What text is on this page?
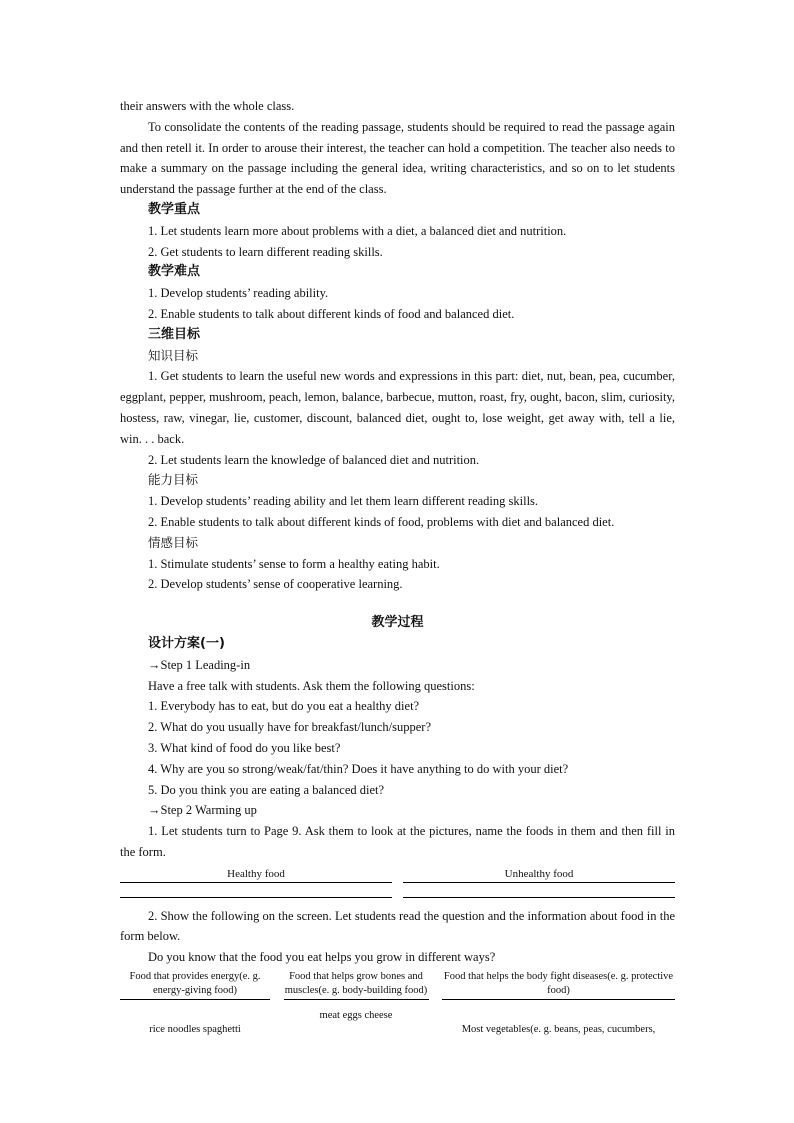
their answers with the whole class.

To consolidate the contents of the reading passage, students should be required to read the passage again and then retell it. In order to arouse their interest, the teacher can hold a competition. The teacher also needs to make a summary on the passage including the general idea, writing characteristics, and so on to let students understand the passage further at the end of the class.

教学重点

1. Let students learn more about problems with a diet, a balanced diet and nutrition.

2. Get students to learn different reading skills.

教学难点

1. Develop students’ reading ability.

2. Enable students to talk about different kinds of food and balanced diet.

三维目标

知识目标

1. Get students to learn the useful new words and expressions in this part: diet, nut, bean, pea, cucumber, eggplant, pepper, mushroom, peach, lemon, balance, barbecue, mutton, roast, fry, ought, bacon, slim, curiosity, hostess, raw, vinegar, lie, customer, discount, balanced diet, ought to, lose weight, get away with, tell a lie, win. . . back.

2. Let students learn the knowledge of balanced diet and nutrition.

能力目标

1. Develop students’ reading ability and let them learn different reading skills.

2. Enable students to talk about different kinds of food, problems with diet and balanced diet.

情感目标

1. Stimulate students’ sense to form a healthy eating habit.

2. Develop students’ sense of cooperative learning.

教学过程

设计方案(一)

→Step 1 Leading-in

Have a free talk with students. Ask them the following questions:

1. Everybody has to eat, but do you eat a healthy diet?

2. What do you usually have for breakfast/lunch/supper?

3. What kind of food do you like best?

4. Why are you so strong/weak/fat/thin? Does it have anything to do with your diet?

5. Do you think you are eating a balanced diet?

→Step 2 Warming up

1. Let students turn to Page 9. Ask them to look at the pictures, name the foods in them and then fill in the form.

Healthy food	Unhealthy food

2. Show the following on the screen. Let students read the question and the information about food in the form below.

Do you know that the food you eat helps you grow in different ways?

Food that provides energy(e. g. energy-giving food)
rice noodles spaghetti
Food that helps grow bones and muscles(e. g. body-building food)
meat eggs cheese
Food that helps the body fight diseases(e. g. protective food)
Most vegetables(e. g. beans, peas, cucumbers,
